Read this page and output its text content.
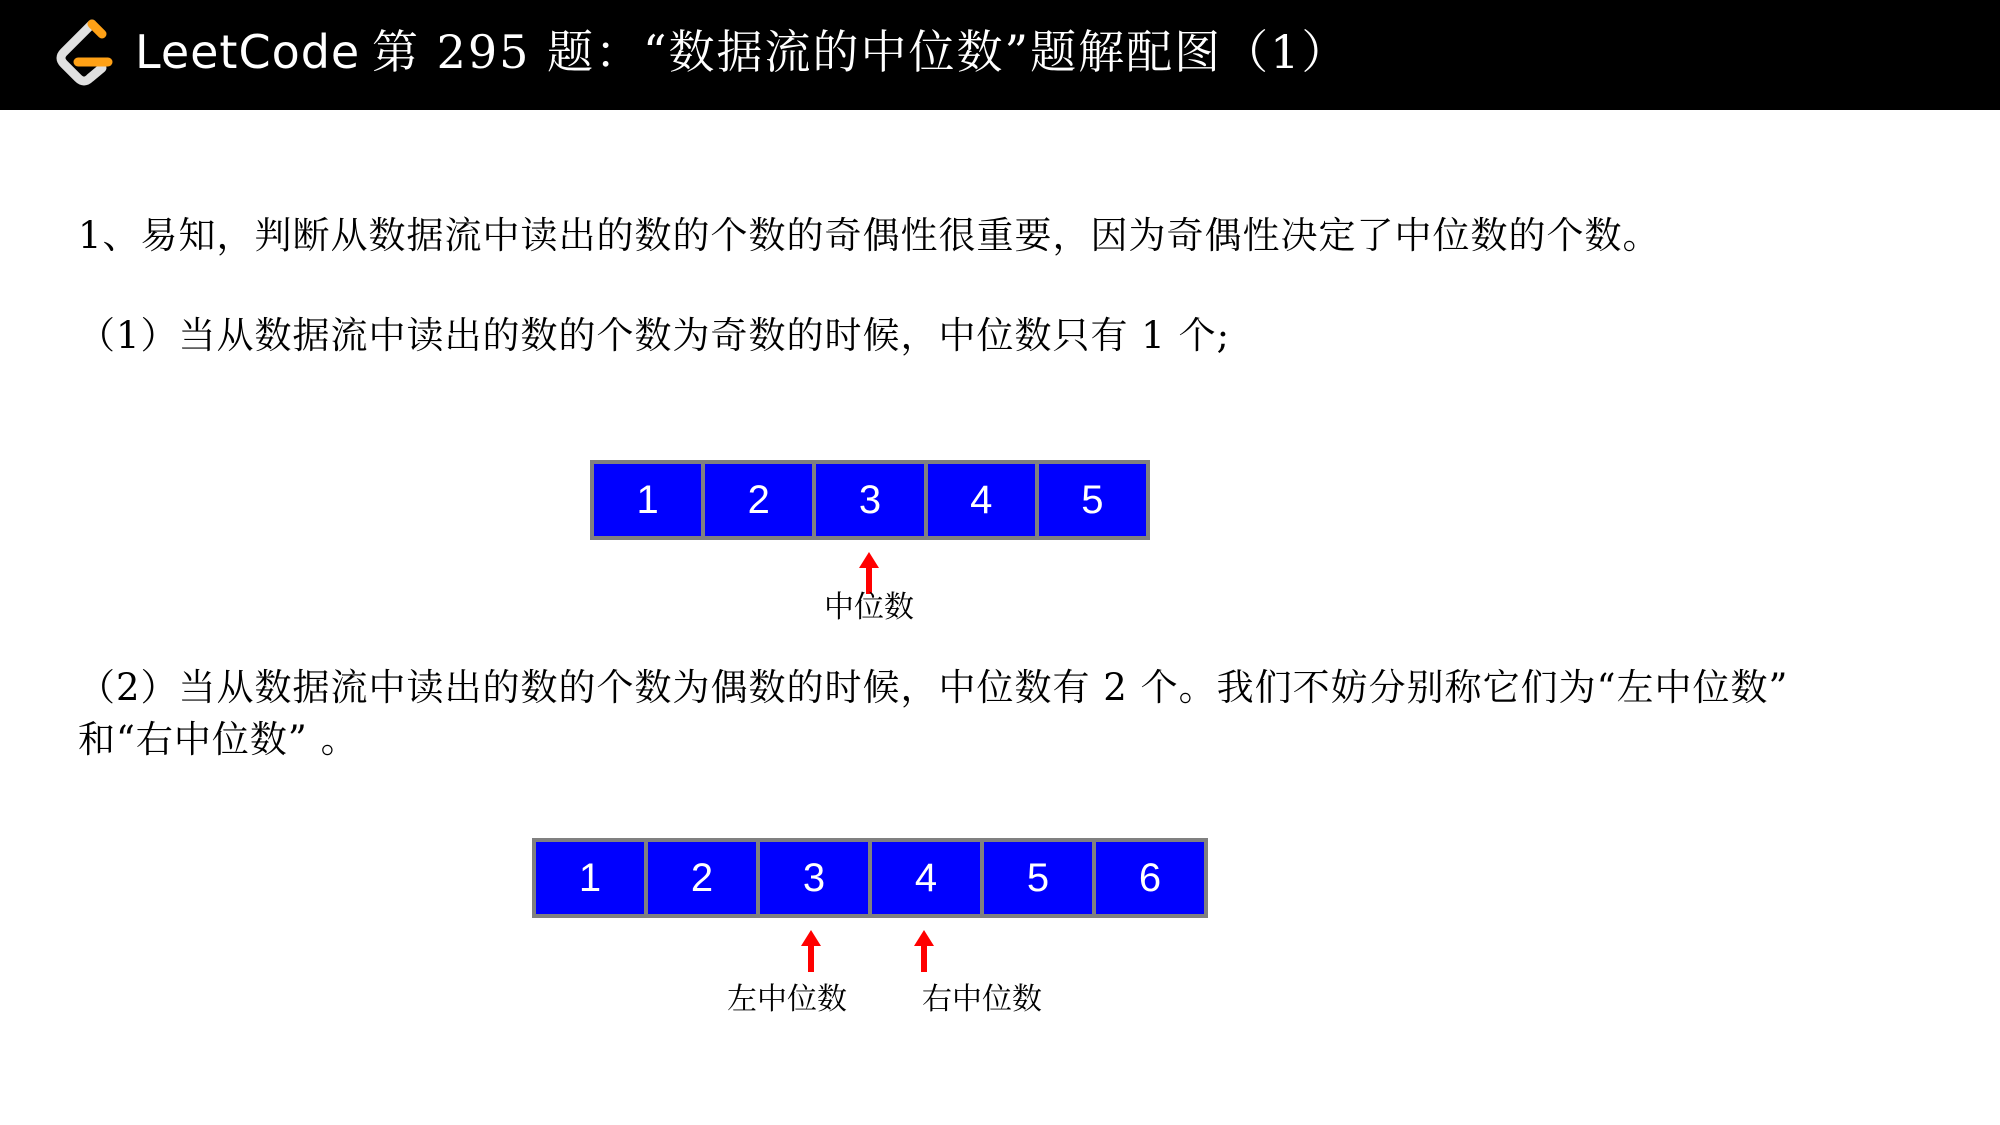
LeetCode 第 295 题：“数据流的中位数”题解配图（1）
1、易知，判断从数据流中读出的数的个数的奇偶性很重要，因为奇偶性决定了中位数的个数。
（1）当从数据流中读出的数的个数为奇数的时候，中位数只有 1 个;
1	2	3	4	5
中位数
（2）当从数据流中读出的数的个数为偶数的时候，中位数有 2 个。我们不妨分别称它们为“左中位数”
和“右中位数” 。
1	2	3	4	5	6
左中位数	右中位数
